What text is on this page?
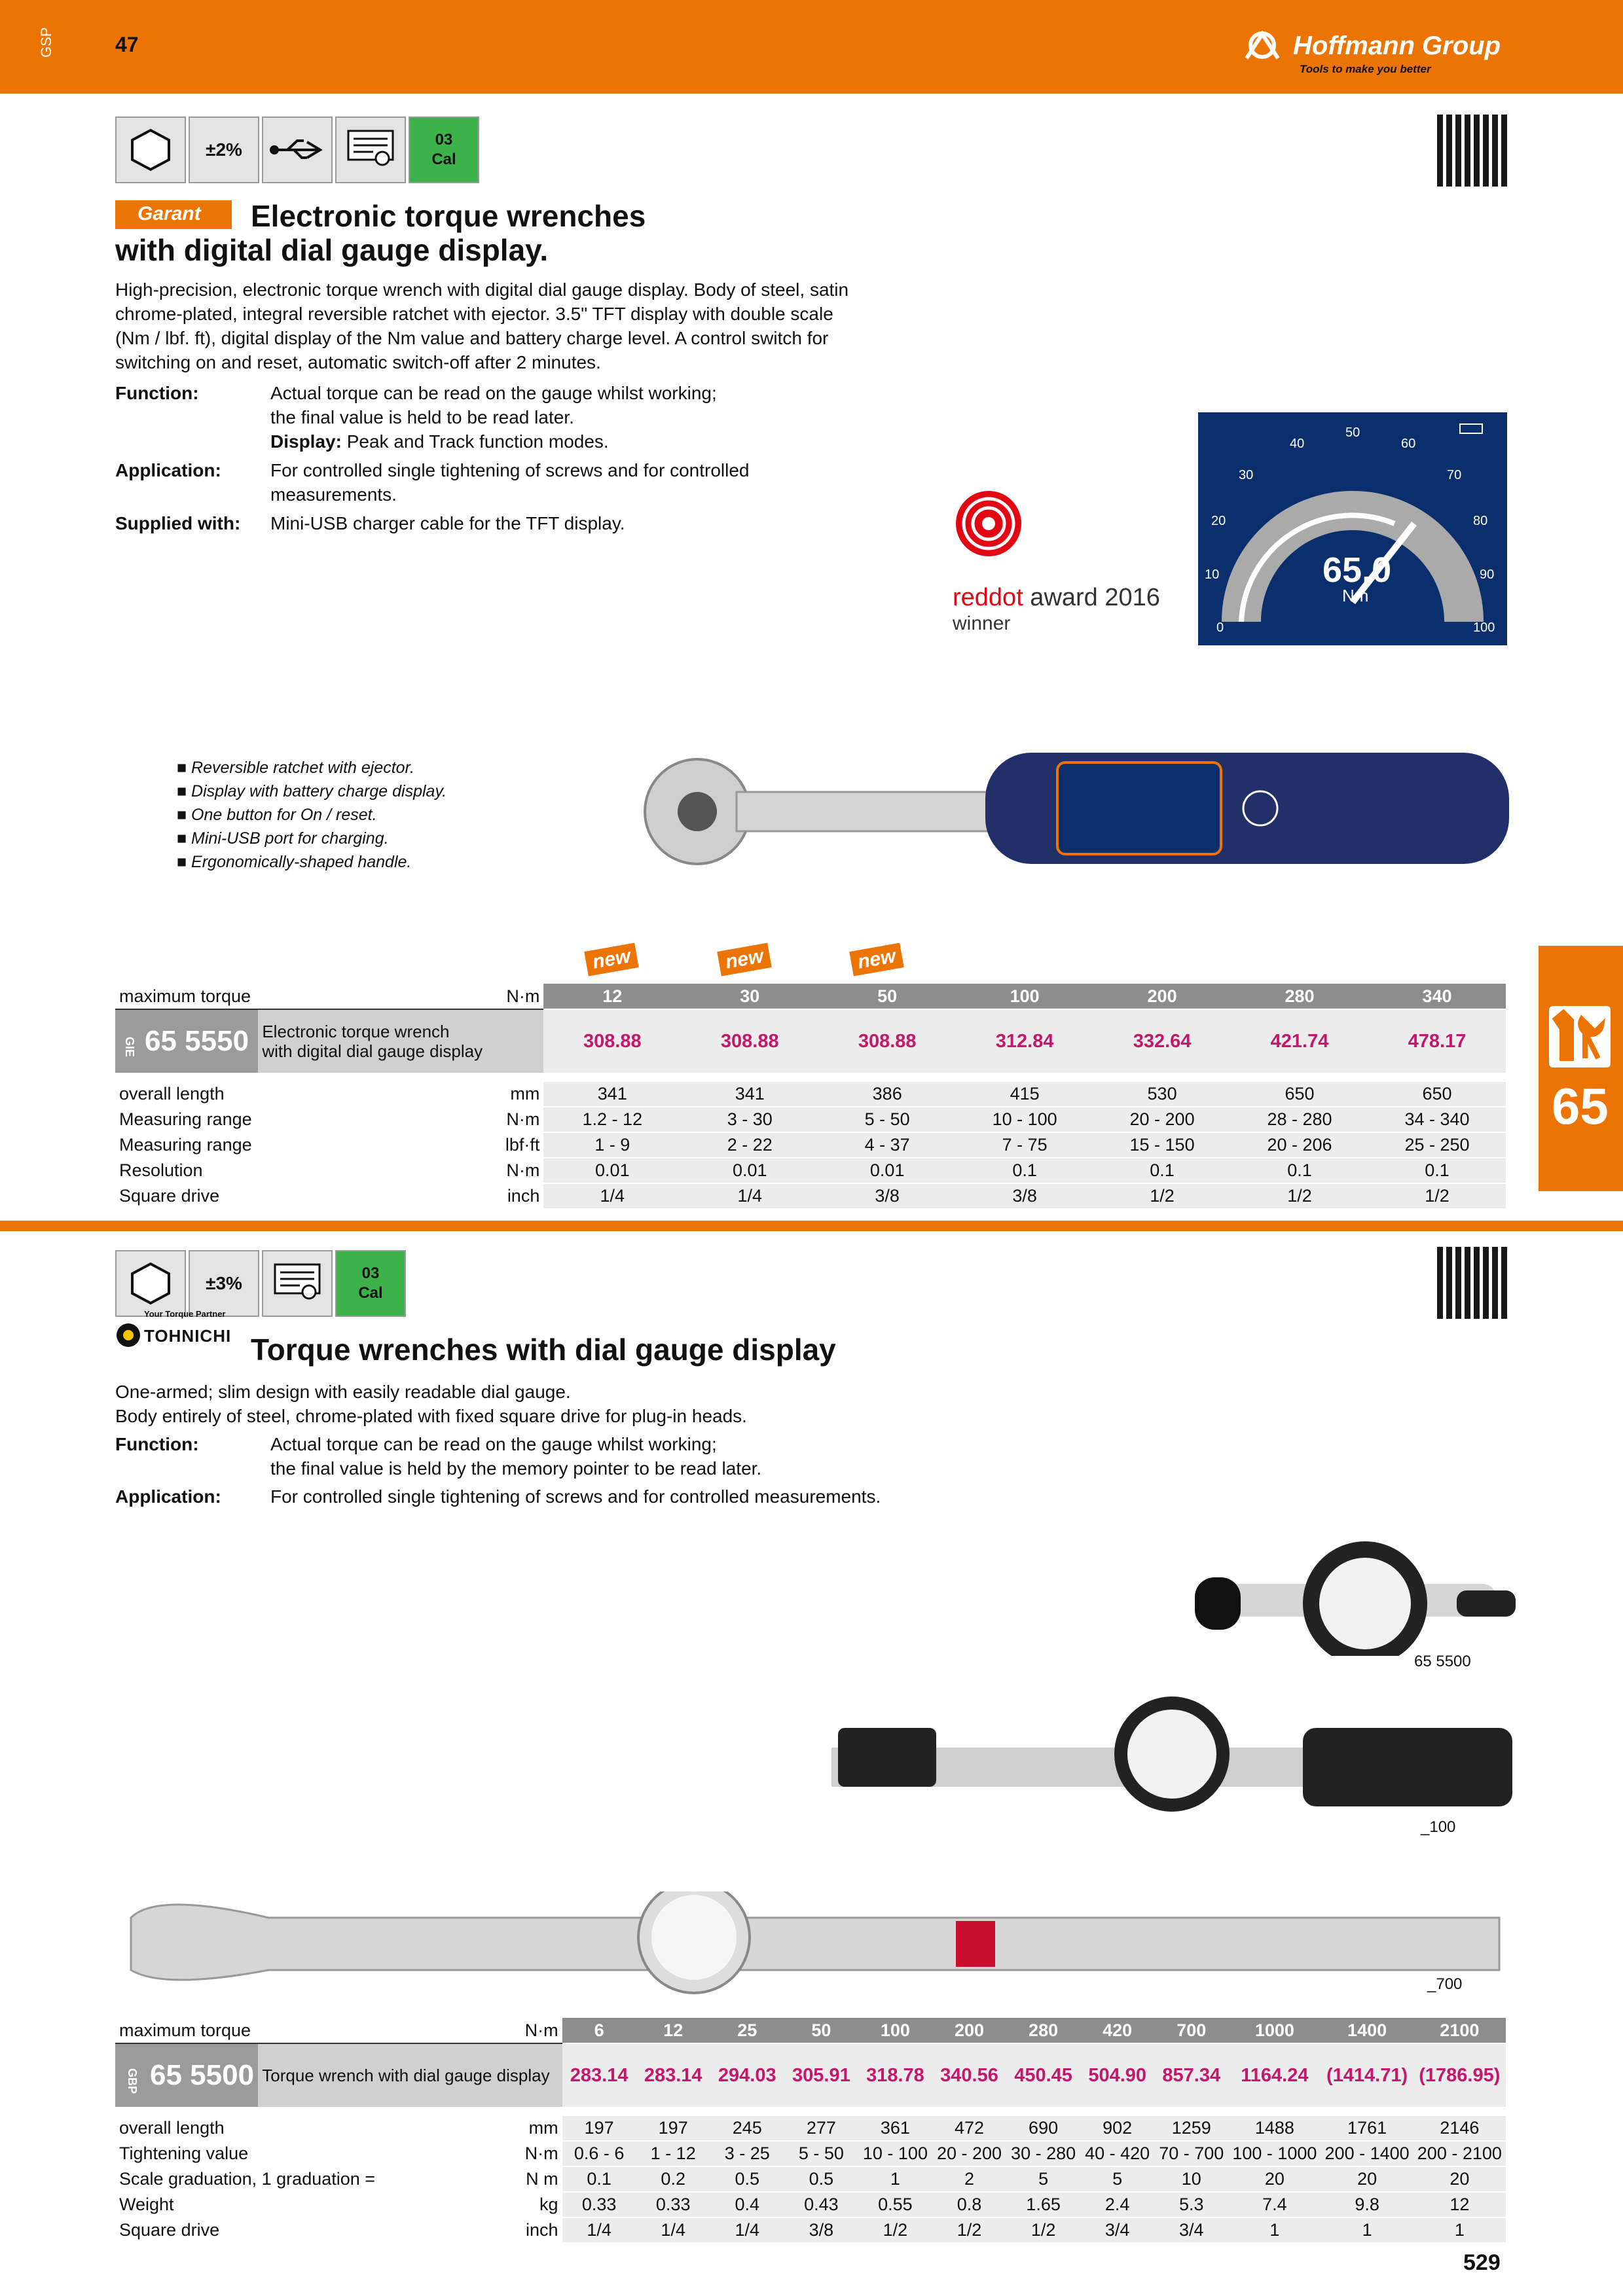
GSP	47	Hoffmann Group
Tools to make you better
±2%	03
Cal
Garant	Electronic torque wrenches
with digital dial gauge display.
High-precision, electronic torque wrench with digital dial gauge display. Body of steel, satin
chrome-plated, integral reversible ratchet with ejector. 3.5" TFT display with double scale
(Nm / lbf. ft), digital display of the Nm value and battery charge level. A control switch for
switching on and reset, automatic switch-off after 2 minutes.
Function:	Actual torque can be read on the gauge whilst working;
the final value is held to be read later.
Display: Peak and Track function modes.
Application:	For controlled single tightening of screws and for controlled
measurements.
Supplied with: Mini-USB charger cable for the TFT display.
reddot award 2016
winner
65.0
Nm
0
10
20
30
40
50
60
70
80
90
100
■ Reversible ratchet with ejector.
■ Display with battery charge display.
■ One button for On / reset.
■ Mini-USB port for charging.
■ Ergonomically-shaped handle.
new	new	new
maximum torque		N·m	12	30	50	100	200	280	340
GIE 65 5550	Electronic torque wrench
with digital dial gauge display		308.88	308.88	308.88	312.84	332.64	421.74	478.17

overall length		mm	341	341	386	415	530	650	650
Measuring range		N·m	1.2 - 12	3 - 30	5 - 50	10 - 100	20 - 200	28 - 280	34 - 340
Measuring range		lbf·ft	1 - 9	2 - 22	4 - 37	7 - 75	15 - 150	20 - 206	25 - 250
Resolution		N·m	0.01	0.01	0.01	0.1	0.1	0.1	0.1
Square drive		inch	1/4	1/4	3/8	3/8	1/2	1/2	1/2
65
±3%	03
Cal
Your Torque Partner
TOHNICHI Torque wrenches with dial gauge display
One-armed; slim design with easily readable dial gauge.
Body entirely of steel, chrome-plated with fixed square drive for plug-in heads.
Function:	Actual torque can be read on the gauge whilst working;
the final value is held by the memory pointer to be read later.
Application:	For controlled single tightening of screws and for controlled measurements.
65 5500
_100
_700
maximum torque		N·m	6	12	25	50	100	200	280	420	700	1000	1400	2100
GBP 65 5500	Torque wrench with dial gauge display		283.14	283.14	294.03	305.91	318.78	340.56	450.45	504.90	857.34	1164.24	(1414.71)	(1786.95)

overall length		mm	197	197	245	277	361	472	690	902	1259	1488	1761	2146
Tightening value		N·m	0.6 - 6	1 - 12	3 - 25	5 - 50	10 - 100	20 - 200	30 - 280	40 - 420	70 - 700	100 - 1000	200 - 1400	200 - 2100
Scale graduation, 1 graduation =		N m	0.1	0.2	0.5	0.5	1	2	5	5	10	20	20	20
Weight		kg	0.33	0.33	0.4	0.43	0.55	0.8	1.65	2.4	5.3	7.4	9.8	12
Square drive		inch	1/4	1/4	1/4	3/8	1/2	1/2	1/2	3/4	3/4	1	1	1
529
